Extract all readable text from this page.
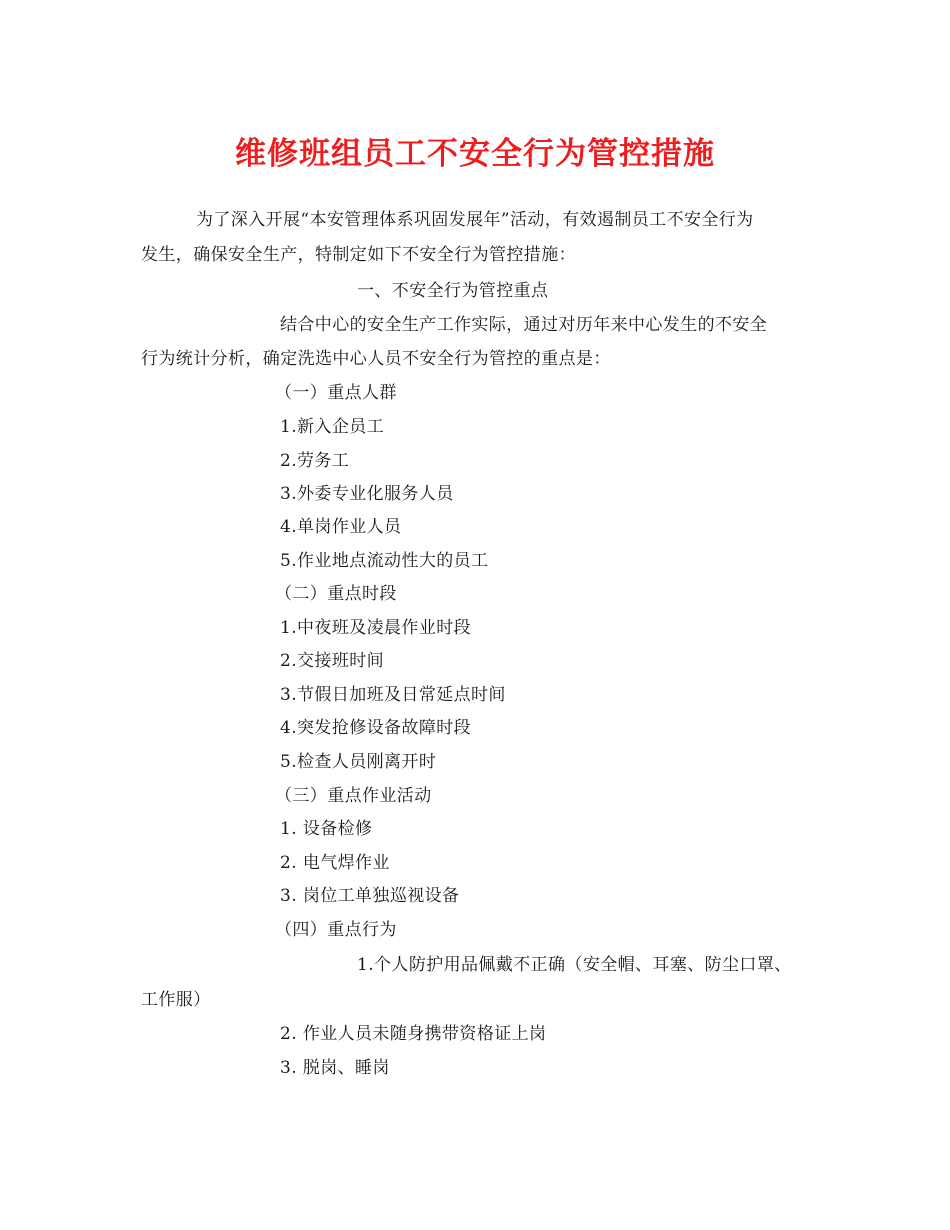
维修班组员工不安全行为管控措施
为了深入开展“本安管理体系巩固发展年”活动，有效遏制员工不安全行为
发生，确保安全生产，特制定如下不安全行为管控措施：
一、不安全行为管控重点
结合中心的安全生产工作实际，通过对历年来中心发生的不安全
行为统计分析，确定洗选中心人员不安全行为管控的重点是：
（一）重点人群
1.新入企员工
2.劳务工
3.外委专业化服务人员
4.单岗作业人员
5.作业地点流动性大的员工
（二）重点时段
1.中夜班及凌晨作业时段
2.交接班时间
3.节假日加班及日常延点时间
4.突发抢修设备故障时段
5.检查人员刚离开时
（三）重点作业活动
1. 设备检修
2. 电气焊作业
3. 岗位工单独巡视设备
（四）重点行为
1.个人防护用品佩戴不正确（安全帽、耳塞、防尘口罩、
工作服）
2. 作业人员未随身携带资格证上岗
3. 脱岗、睡岗
